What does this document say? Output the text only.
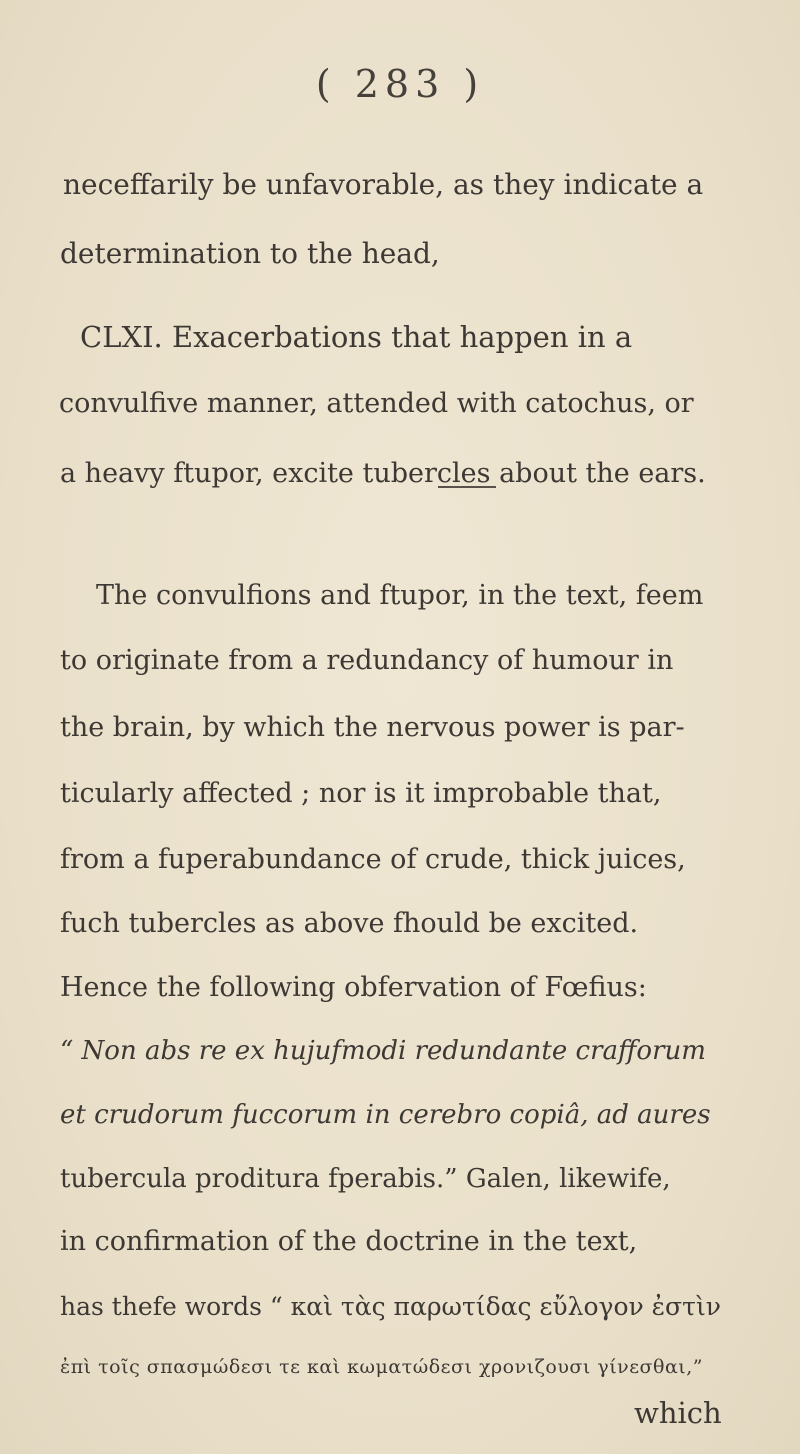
( 283 )
neceffarily be unfavorable, as they indicate a
determination to the head,
CLXI. Exacerbations that happen in a
convulfive manner, attended with catochus, or
a heavy ftupor, excite tubercles about the ears.
The convulfions and ftupor, in the text, feem
to originate from a redundancy of humour in
the brain, by which the nervous power is par-
ticularly affected ; nor is it improbable that,
from a fuperabundance of crude, thick juices,
fuch tubercles as above fhould be excited.
Hence the following obfervation of Fœfius:
“ Non abs re ex hujufmodi redundante crafforum
et crudorum fuccorum in cerebro copiâ, ad aures
tubercula proditura fperabis.” Galen, likewife,
in confirmation of the doctrine in the text,
has thefe words “ καὶ τὰς παρωτίδας εὔλογον ἐστὶν
ἐπὶ τοῖς σπασμώδεσι τε καὶ κωματώδεσι χρονιζουσι γίνεσθαι,”
which
